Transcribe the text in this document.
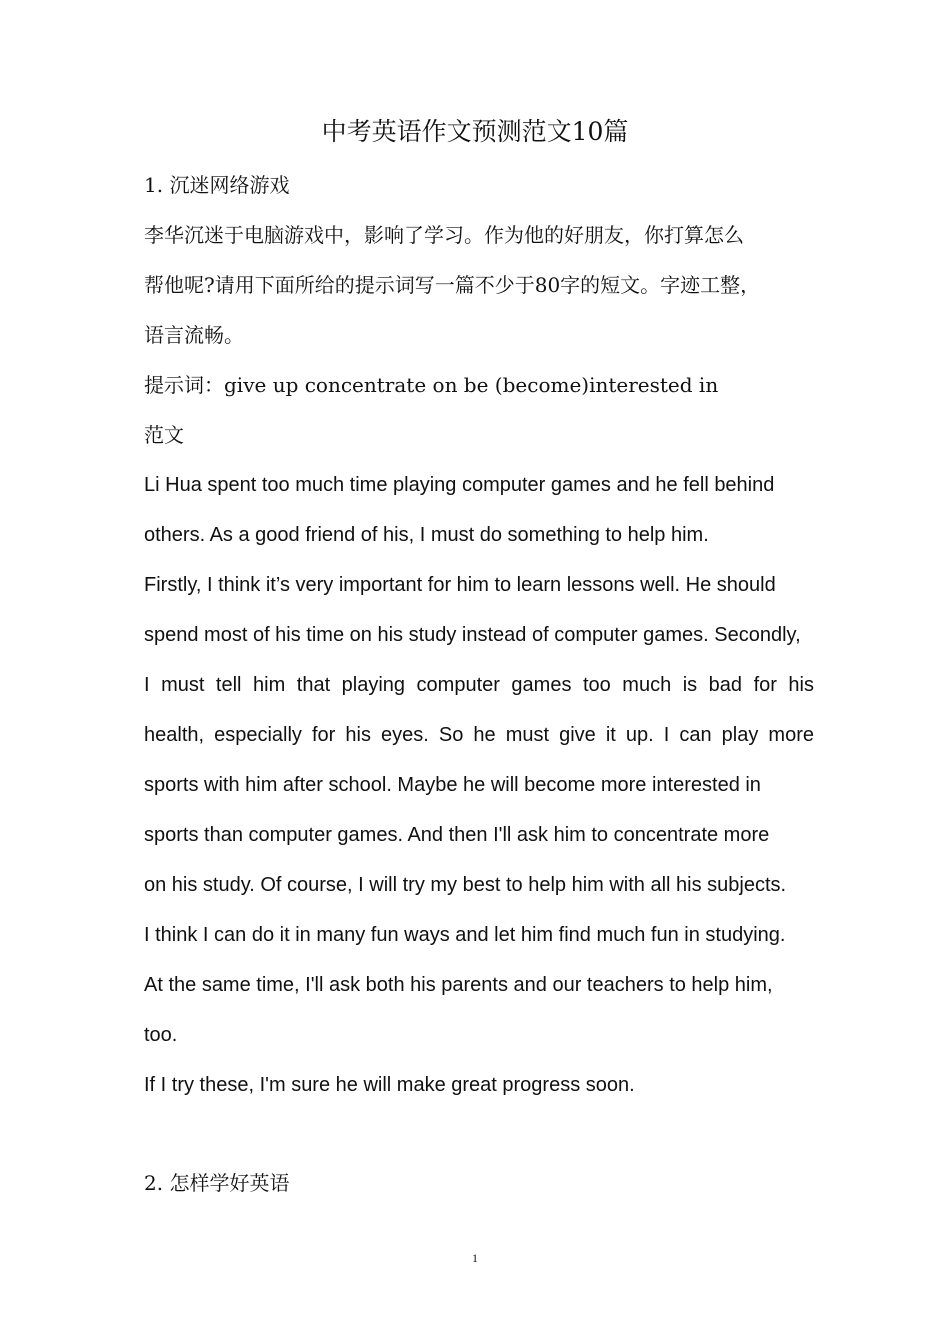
中考英语作文预测范文10篇
1. 沉迷网络游戏
李华沉迷于电脑游戏中，影响了学习。作为他的好朋友，你打算怎么
帮他呢?请用下面所给的提示词写一篇不少于80字的短文。字迹工整，
语言流畅。
提示词：give up concentrate on be (become)interested in
范文
Li Hua spent too much time playing computer games and he fell behind
others. As a good friend of his, I must do something to help him.
Firstly, I think it’s very important for him to learn lessons well. He should
spend most of his time on his study instead of computer games. Secondly,
I must tell him that playing computer games too much is bad for his
health, especially for his eyes. So he must give it up. I can play more
sports with him after school. Maybe he will become more interested in
sports than computer games. And then I'll ask him to concentrate more
on his study. Of course, I will try my best to help him with all his subjects.
I think I can do it in many fun ways and let him find much fun in studying.
At the same time, I'll ask both his parents and our teachers to help him,
too.
If I try these, I'm sure he will make great progress soon.
2. 怎样学好英语
1
